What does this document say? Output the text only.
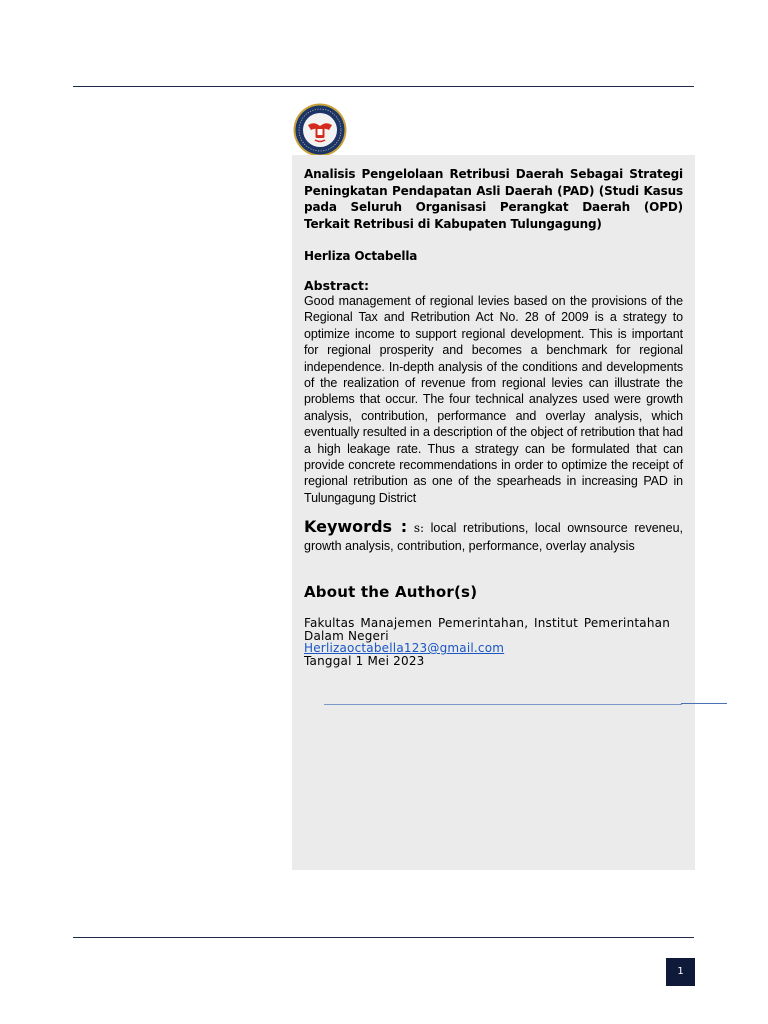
Analisis Pengelolaan Retribusi Daerah Sebagai Strategi Peningkatan Pendapatan Asli Daerah (PAD) (Studi Kasus pada Seluruh Organisasi Perangkat Daerah (OPD) Terkait Retribusi di Kabupaten Tulungagung)
Herliza Octabella
Abstract:
Good management of regional levies based on the provisions of the Regional Tax and Retribution Act No. 28 of 2009 is a strategy to optimize income to support regional development. This is important for regional prosperity and becomes a benchmark for regional independence. In-depth analysis of the conditions and developments of the realization of revenue from regional levies can illustrate the problems that occur. The four technical analyzes used were growth analysis, contribution, performance and overlay analysis, which eventually resulted in a description of the object of retribution that had a high leakage rate. Thus a strategy can be formulated that can provide concrete recommendations in order to optimize the receipt of regional retribution as one of the spearheads in increasing PAD in Tulungagung District
Keywords : s: local retributions, local ownsource reveneu, growth analysis, contribution, performance, overlay analysis
About the Author(s)
Fakultas Manajemen Pemerintahan, Institut Pemerintahan Dalam Negeri
Herlizaoctabella123@gmail.com
Tanggal 1 Mei 2023
1
